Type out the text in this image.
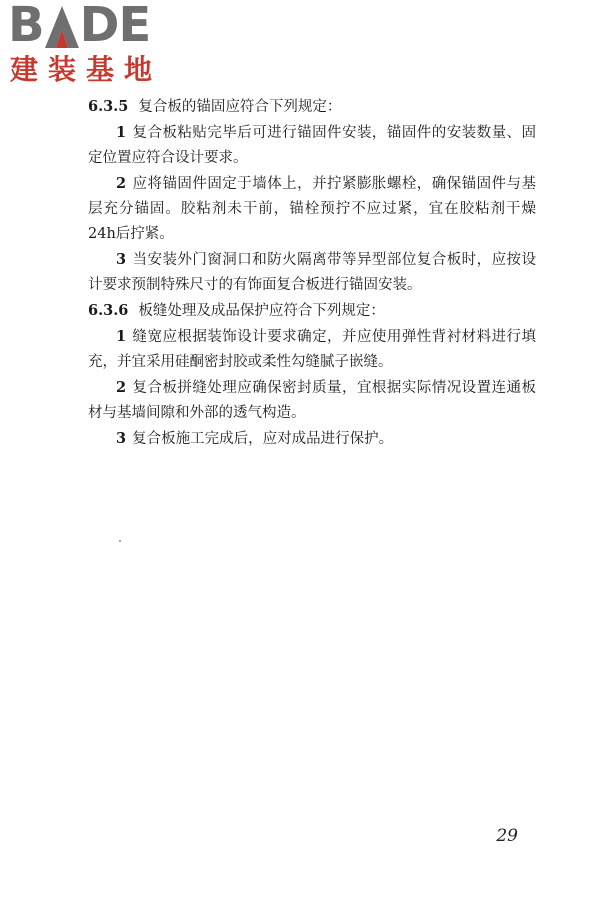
B DE
建装基地

6.3.5 复合板的锚固应符合下列规定：

1 复合板粘贴完毕后可进行锚固件安装，锚固件的安装数量、固定位置应符合设计要求。

2 应将锚固件固定于墙体上，并拧紧膨胀螺栓，确保锚固件与基层充分锚固。胶粘剂未干前，锚栓预拧不应过紧，宜在胶粘剂干燥24h后拧紧。

3 当安装外门窗洞口和防火隔离带等异型部位复合板时，应按设计要求预制特殊尺寸的有饰面复合板进行锚固安装。

6.3.6 板缝处理及成品保护应符合下列规定：

1 缝宽应根据装饰设计要求确定，并应使用弹性背衬材料进行填充，并宜采用硅酮密封胶或柔性勾缝腻子嵌缝。

2 复合板拼缝处理应确保密封质量，宜根据实际情况设置连通板材与基墙间隙和外部的透气构造。

3 复合板施工完成后，应对成品进行保护。

29
